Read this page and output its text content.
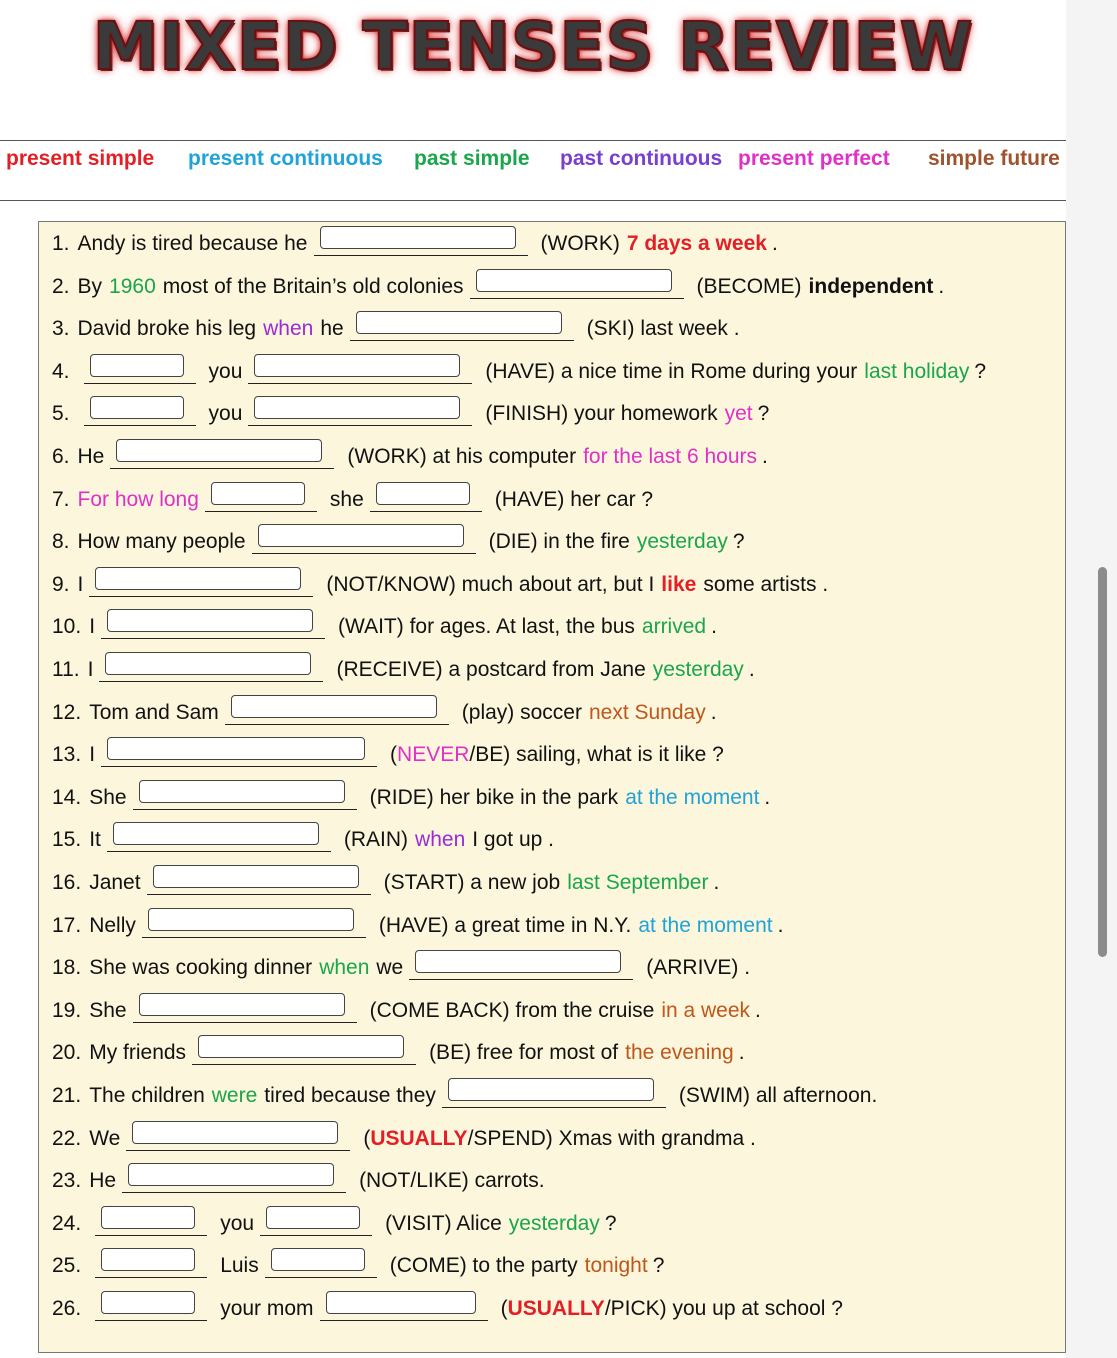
MIXED TENSES REVIEW
present simple present continuous past simple past continuous present perfect simple future
1. Andy is tired because he	(WORK) 7 days a week .
2. By 1960 most of the Britain’s old colonies	(BECOME) independent .
3. David broke his leg when he	(SKI) last week .
4.	you	(HAVE) a nice time in Rome during your last holiday ?
5.	you	(FINISH) your homework yet ?
6. He	(WORK) at his computer for the last 6 hours .
7. For how long	she	(HAVE) her car ?
8. How many people	(DIE) in the fire yesterday ?
9. I	(NOT/KNOW) much about art, but I like some artists .
10. I	(WAIT) for ages. At last, the bus arrived .
11. I	(RECEIVE) a postcard from Jane yesterday .
12. Tom and Sam	(play) soccer next Sunday .
13. I	( NEVER /BE) sailing, what is it like ?
14. She	(RIDE) her bike in the park at the moment .
15. It	(RAIN) when I got up .
16. Janet	(START) a new job last September .
17. Nelly	(HAVE) a great time in N.Y. at the moment .
18. She was cooking dinner when we	(ARRIVE) .
19. She	(COME BACK) from the cruise in a week .
20. My friends	(BE) free for most of the evening .
21. The children were tired because they	(SWIM) all afternoon.
22. We	( USUALLY /SPEND) Xmas with grandma .
23. He	(NOT/LIKE) carrots.
24.	you	(VISIT) Alice yesterday ?
25.	Luis	(COME) to the party tonight ?
26.	your mom	( USUALLY /PICK) you up at school ?
